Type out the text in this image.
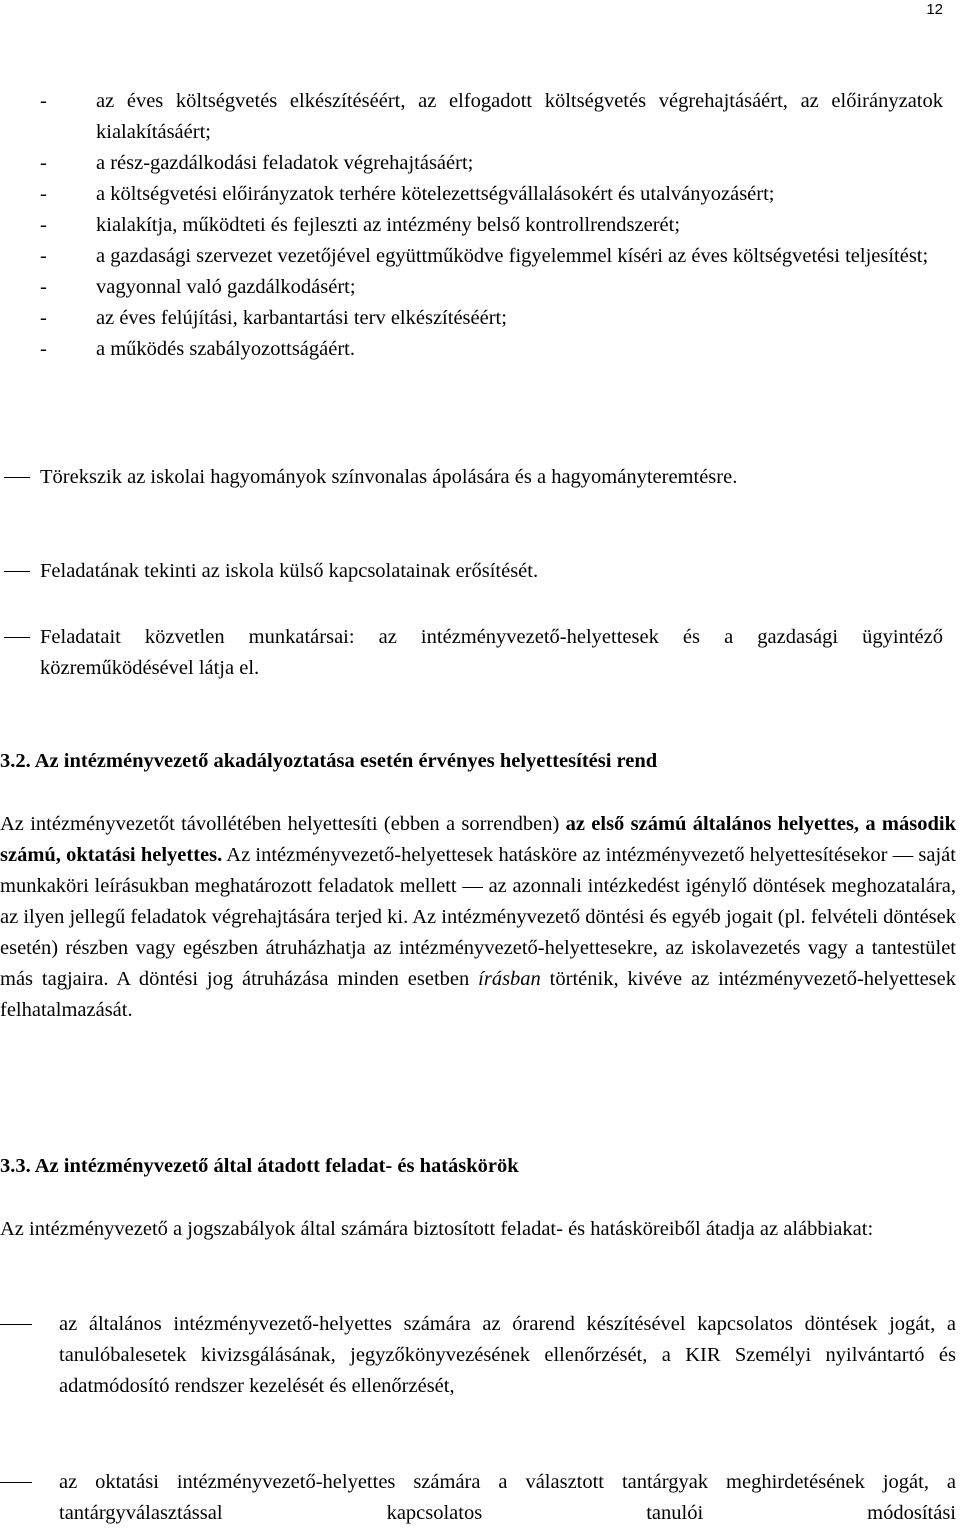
12
- az éves költségvetés elkészítéséért, az elfogadott költségvetés végrehajtásáért, az előirányzatok kialakításáért;
- a rész-gazdálkodási feladatok végrehajtásáért;
- a költségvetési előirányzatok terhére kötelezettségvállalásokért és utalványozásért;
- kialakítja, működteti és fejleszti az intézmény belső kontrollrendszerét;
- a gazdasági szervezet vezetőjével együttműködve figyelemmel kíséri az éves költségvetési teljesítést;
- vagyonnal való gazdálkodásért;
- az éves felújítási, karbantartási terv elkészítéséért;
- a működés szabályozottságáért.
Törekszik az iskolai hagyományok színvonalas ápolására és a hagyományteremtésre.
Feladatának tekinti az iskola külső kapcsolatainak erősítését.
Feladatait közvetlen munkatársai: az intézményvezető-helyettesek és a gazdasági ügyintéző közreműködésével látja el.
3.2. Az intézményvezető akadályoztatása esetén érvényes helyettesítési rend
Az intézményvezetőt távollétében helyettesíti (ebben a sorrendben) az első számú általános helyettes, a második számú, oktatási helyettes. Az intézményvezető-helyettesek hatásköre az intézményvezető helyettesítésekor — saját munkaköri leírásukban meghatározott feladatok mellett — az azonnali intézkedést igénylő döntések meghozatalára, az ilyen jellegű feladatok végrehajtására terjed ki. Az intézményvezető döntési és egyéb jogait (pl. felvételi döntések esetén) részben vagy egészben átruházhatja az intézményvezető-helyettesekre, az iskolavezetés vagy a tantestület más tagjaira. A döntési jog átruházása minden esetben írásban történik, kivéve az intézményvezető-helyettesek felhatalmazását.
3.3. Az intézményvezető által átadott feladat- és hatáskörök
Az intézményvezető a jogszabályok által számára biztosított feladat- és hatásköreiből átadja az alábbiakat:
az általános intézményvezető-helyettes számára az órarend készítésével kapcsolatos döntések jogát, a tanulóbalesetek kivizsgálásának, jegyzőkönyvezésének ellenőrzését, a KIR Személyi nyilvántartó és adatmódosító rendszer kezelését és ellenőrzését,
az oktatási intézményvezető-helyettes számára a választott tantárgyak meghirdetésének jogát, a tantárgyválasztással kapcsolatos tanulói módosítási
